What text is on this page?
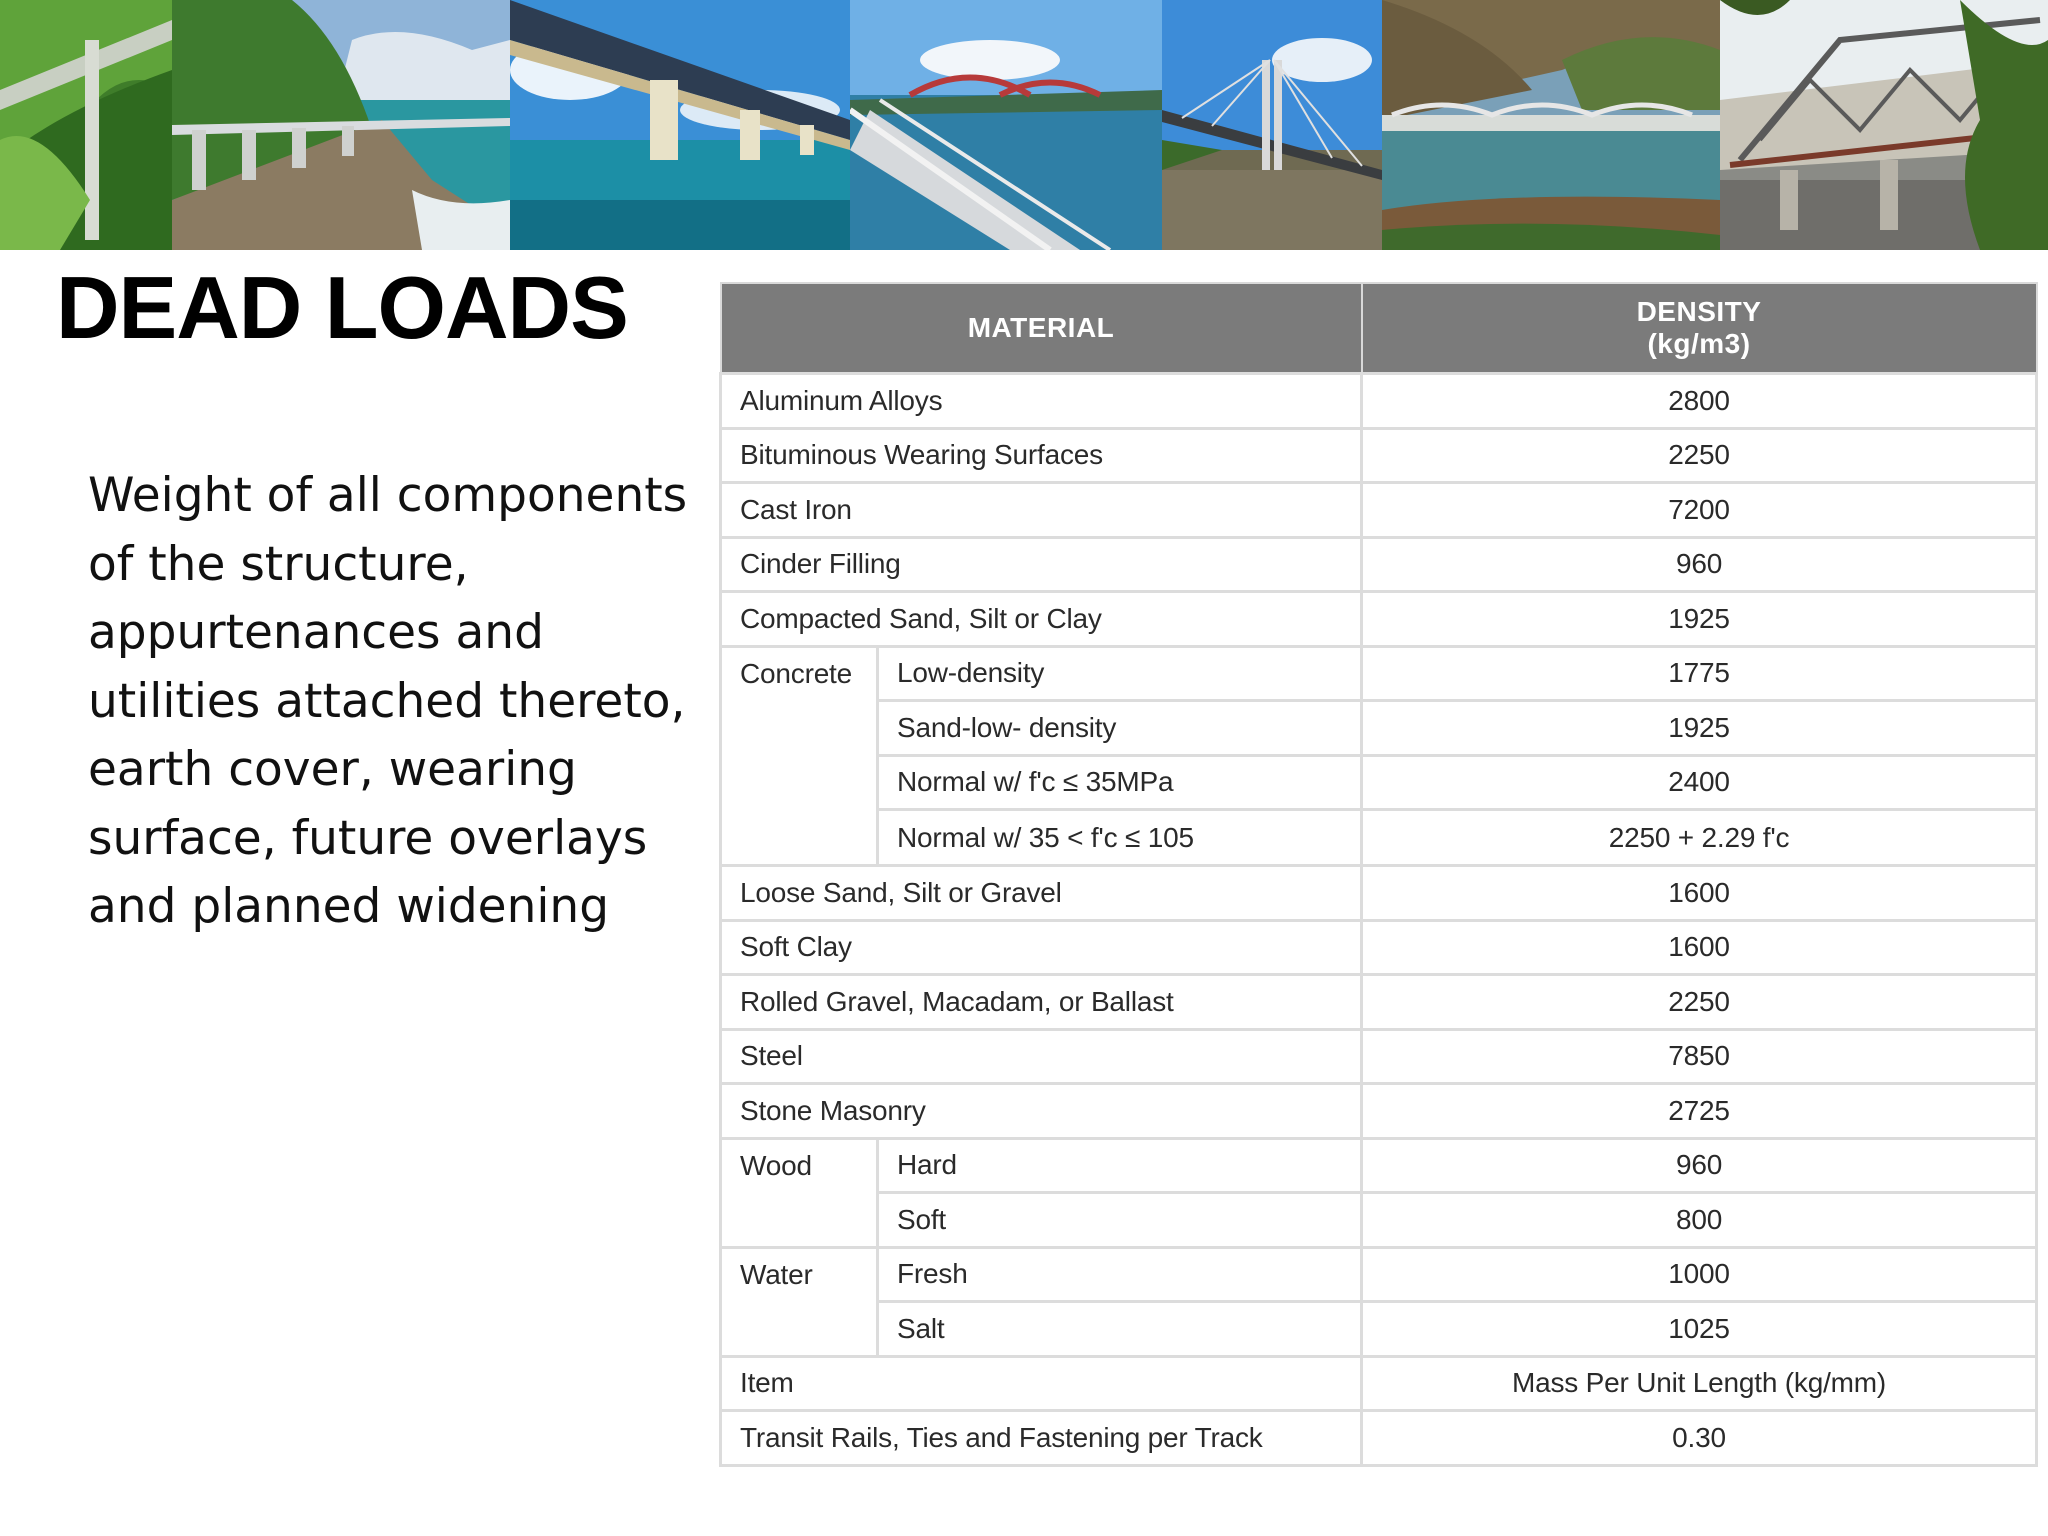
DEAD LOADS

Weight of all components of the structure, appurtenances and utilities attached thereto, earth cover, wearing surface, future overlays and planned widening

MATERIAL		DENSITY
(kg/m3)
Aluminum Alloys		2800
Bituminous Wearing Surfaces		2250
Cast Iron		7200
Cinder Filling		960
Compacted Sand, Silt or Clay		1925
Concrete	Low-density	1775
	Sand-low- density	1925
	Normal w/ f'c ≤ 35MPa	2400
	Normal w/ 35 < f'c ≤ 105	2250 + 2.29 f'c
Loose Sand, Silt or Gravel		1600
Soft Clay		1600
Rolled Gravel, Macadam, or Ballast		2250
Steel		7850
Stone Masonry		2725
Wood	Hard	960
	Soft	800
Water	Fresh	1000
	Salt	1025
Item		Mass Per Unit Length (kg/mm)
Transit Rails, Ties and Fastening per Track		0.30
